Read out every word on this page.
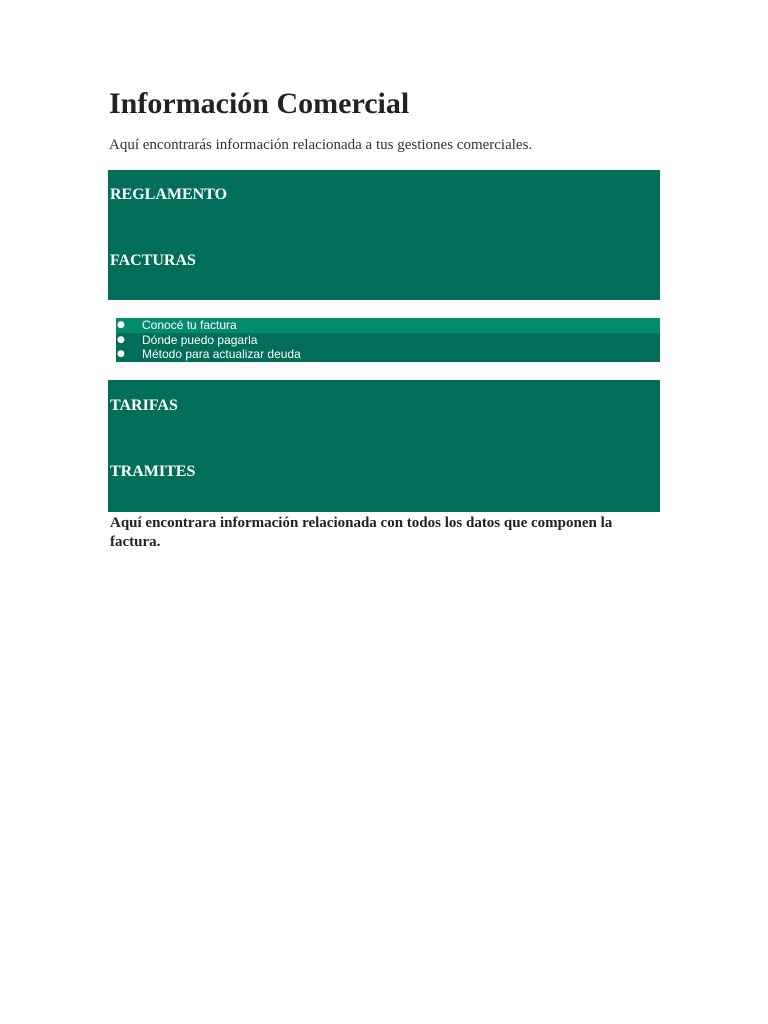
Información Comercial

Aquí encontrarás información relacionada a tus gestiones comerciales.

REGLAMENTO
FACTURAS
● Conocé tu factura
● Dónde puedo pagarla
● Método para actualizar deuda
TARIFAS
TRAMITES

Aquí encontrara información relacionada con todos los datos que componen la factura.
